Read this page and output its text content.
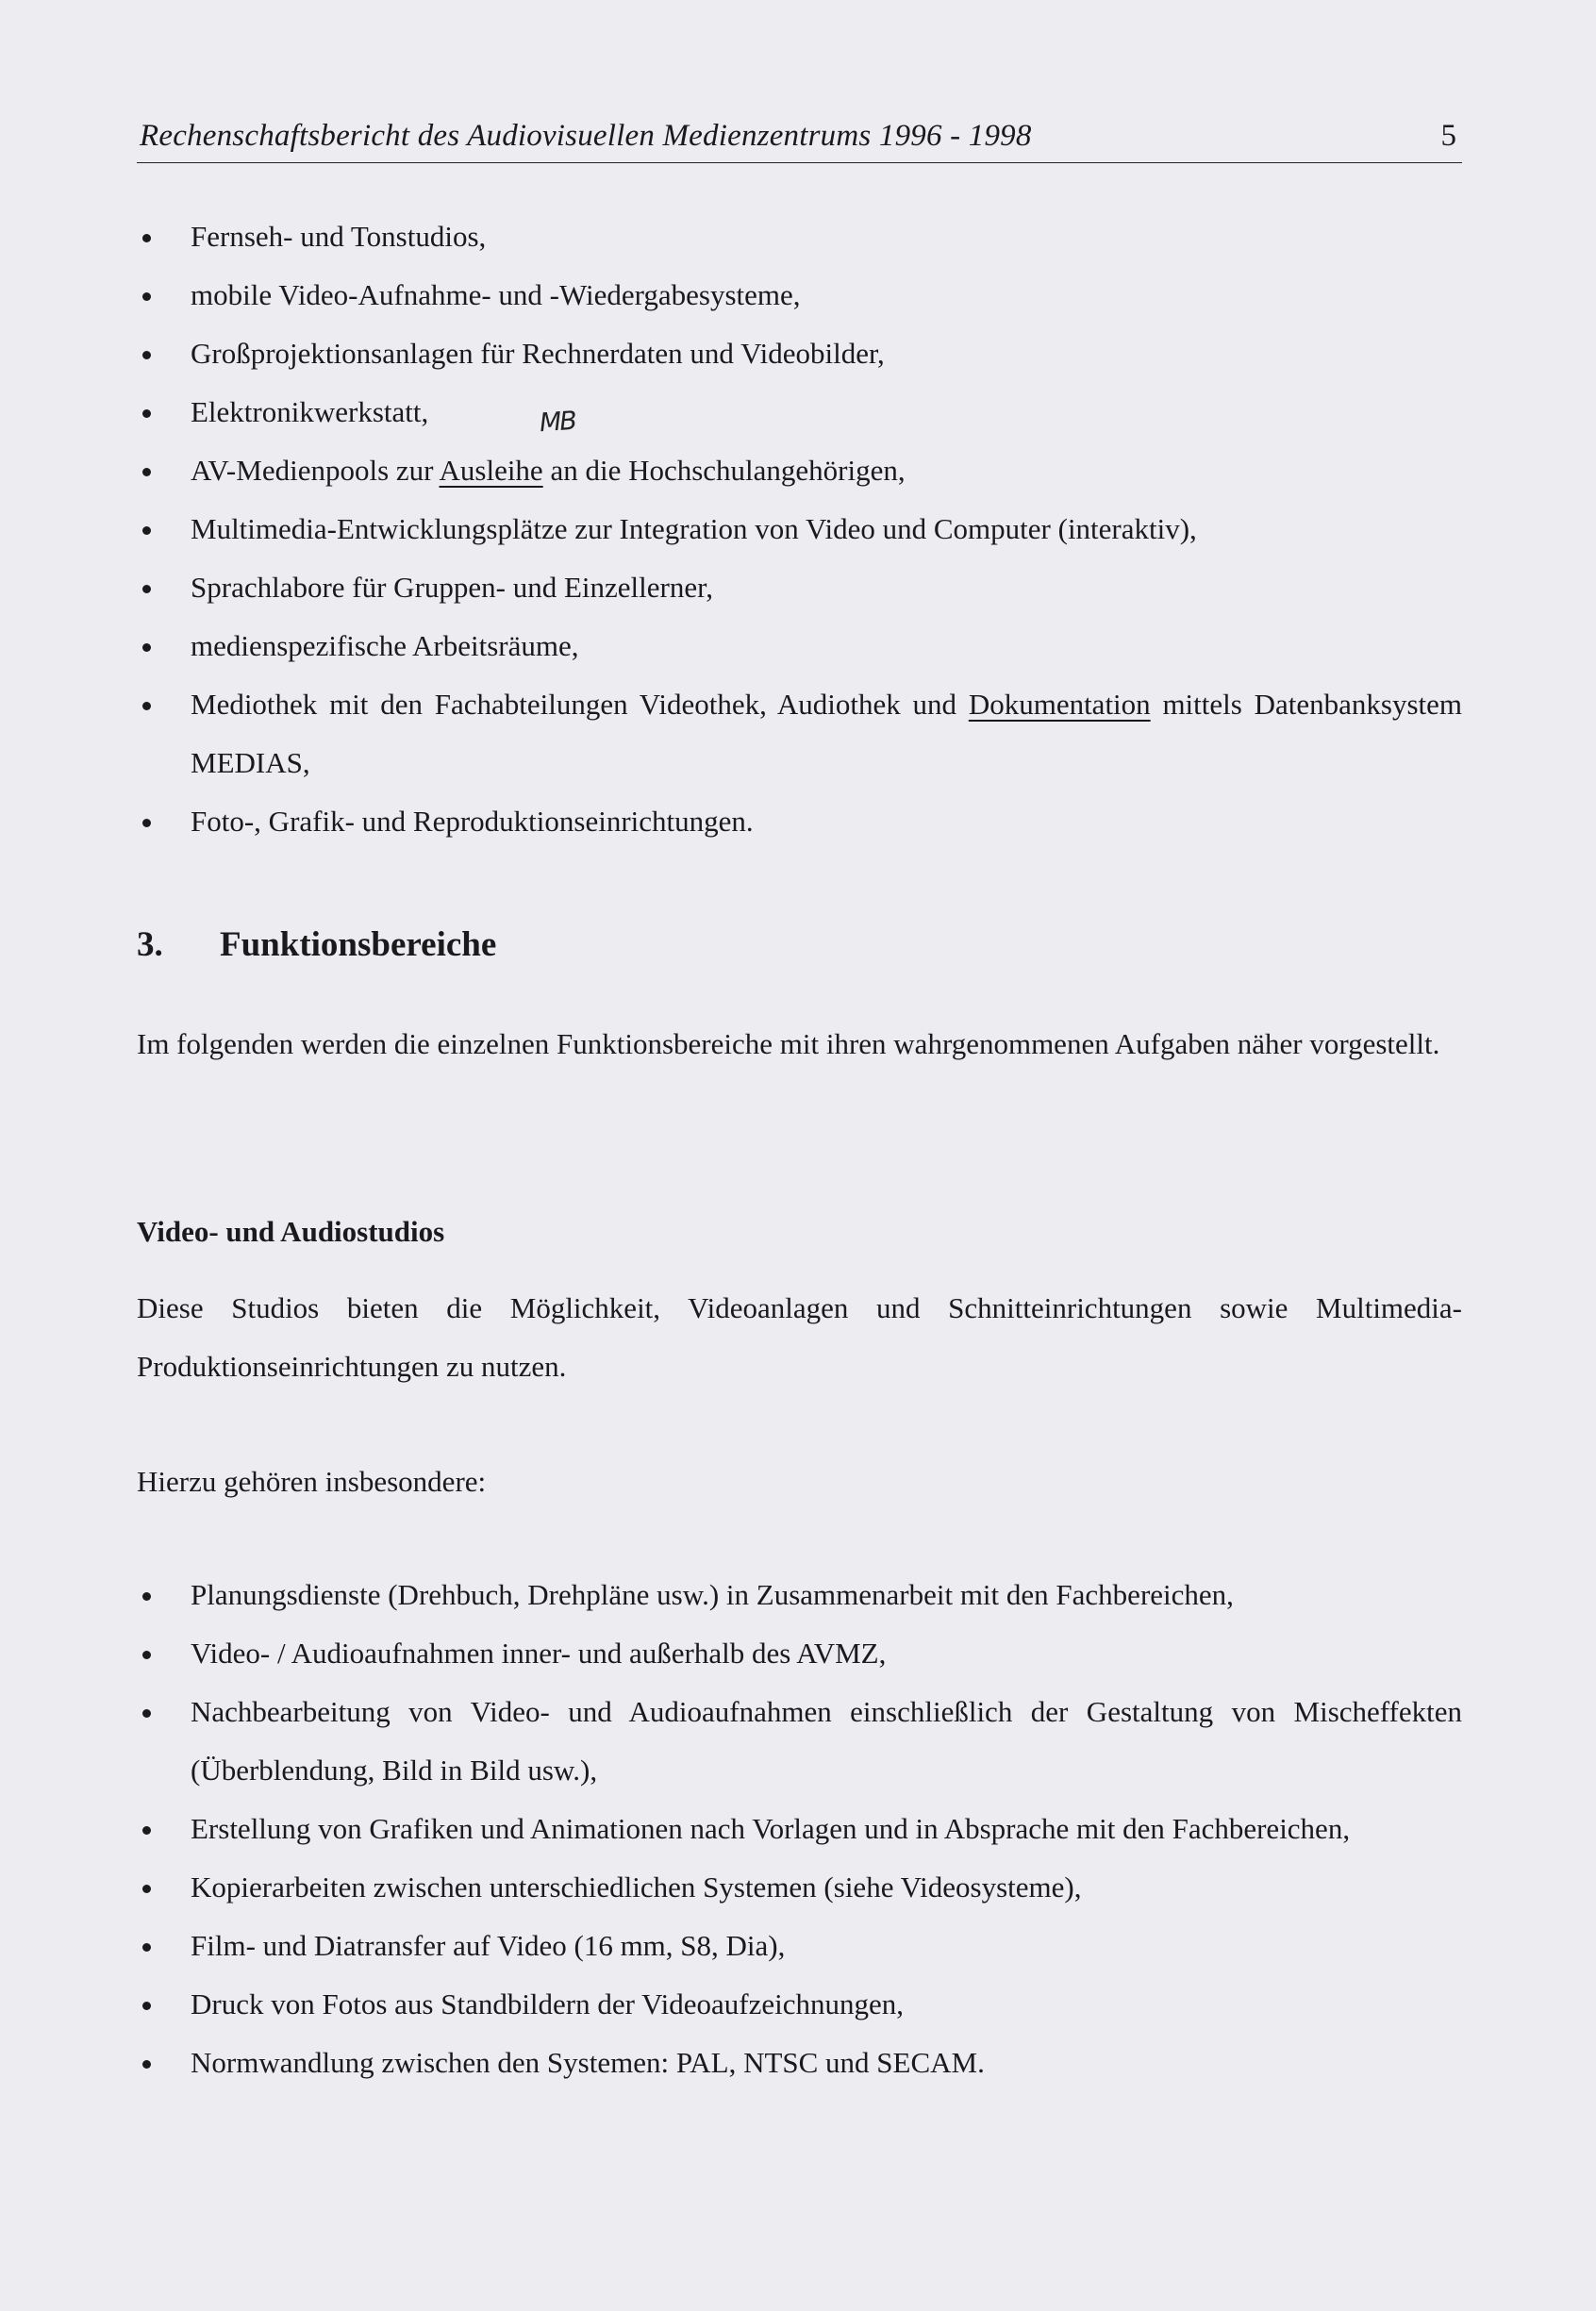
Rechenschaftsbericht des Audiovisuellen Medienzentrums 1996 - 1998	5
MB
Fernseh- und Tonstudios,
mobile Video-Aufnahme- und -Wiedergabesysteme,
Großprojektionsanlagen für Rechnerdaten und Videobilder,
Elektronikwerkstatt,
AV-Medienpools zur Ausleihe an die Hochschulangehörigen,
Multimedia-Entwicklungsplätze zur Integration von Video und Computer (interaktiv),
Sprachlabore für Gruppen- und Einzellerner,
medienspezifische Arbeitsräume,
Mediothek mit den Fachabteilungen Videothek, Audiothek und Dokumentation mittels Datenbanksystem MEDIAS,
Foto-, Grafik- und Reproduktionseinrichtungen.
3. Funktionsbereiche
Im folgenden werden die einzelnen Funktionsbereiche mit ihren wahrgenommenen Aufgaben näher vorgestellt.
Video- und Audiostudios
Diese Studios bieten die Möglichkeit, Videoanlagen und Schnitteinrichtungen sowie Multimedia-Produktionseinrichtungen zu nutzen.
Hierzu gehören insbesondere:
Planungsdienste (Drehbuch, Drehpläne usw.) in Zusammenarbeit mit den Fachbereichen,
Video- / Audioaufnahmen inner- und außerhalb des AVMZ,
Nachbearbeitung von Video- und Audioaufnahmen einschließlich der Gestaltung von Mischeffekten (Überblendung, Bild in Bild usw.),
Erstellung von Grafiken und Animationen nach Vorlagen und in Absprache mit den Fachbereichen,
Kopierarbeiten zwischen unterschiedlichen Systemen (siehe Videosysteme),
Film- und Diatransfer auf Video (16 mm, S8, Dia),
Druck von Fotos aus Standbildern der Videoaufzeichnungen,
Normwandlung zwischen den Systemen: PAL, NTSC und SECAM.
